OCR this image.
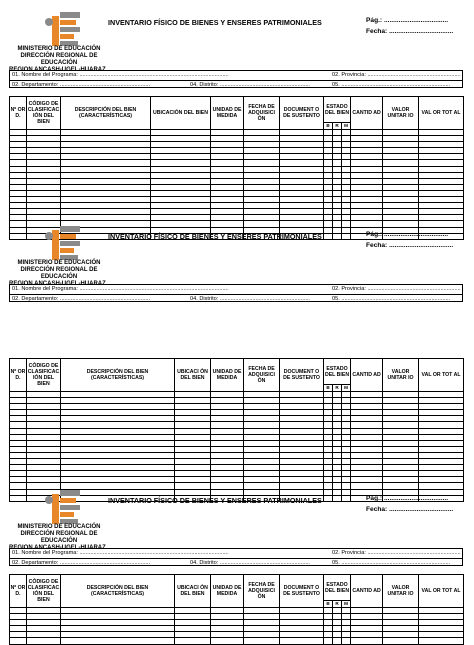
INVENTARIO FÍSICO DE BIENES Y ENSERES PATRIMONIALES	Pág.: ...................................
Fecha: ...................................
MINISTERIO DE EDUCACIÓN
DIRECCIÓN REGIONAL DE
EDUCACIÓN
REGION ANCASH-UGEL-HUARAZ
01. Nombre del Programa: ................................................................................................	02. Provincia: ............................................................
02. Departamento: ..........................................................	04. Distrito: ..........................................................	05. ......................................................................
Nº OR D.	CÓDIGO DE CLASIFICAC IÓN DEL BIEN	DESCRIPCIÓN DEL BIEN (CARACTERÍSTICAS)	UBICACIÓN DEL BIEN	UNIDAD DE MEDIDA	FECHA DE ADQUISICI ÓN	DOCUMENT O DE SUSTENTO	ESTADO DEL BIEN			CANTID AD	VALOR UNITAR IO	VAL OR TOT AL
							B	R	M			

INVENTARIO FÍSICO DE BIENES Y ENSERES PATRIMONIALES	Pág.: ...................................
Fecha: ...................................
MINISTERIO DE EDUCACIÓN
DIRECCIÓN REGIONAL DE
EDUCACIÓN
REGION ANCASH-UGEL-HUARAZ
01. Nombre del Programa: ................................................................................................	02. Provincia: ............................................................
02. Departamento: ..........................................................	04. Distrito: ..........................................................	05. ......................................................................
Nº OR D.	CÓDIGO DE CLASIFICAC IÓN DEL BIEN	DESCRIPCIÓN DEL BIEN (CARACTERÍSTICAS)	UBICACI ÓN DEL BIEN	UNIDAD DE MEDIDA	FECHA DE ADQUISICI ÓN	DOCUMENT O DE SUSTENTO	ESTADO DEL BIEN			CANTID AD	VALOR UNITAR IO	VAL OR TOT AL
							B	R	M			

INVENTARIO FÍSICO DE BIENES Y ENSERES PATRIMONIALES	Pág.: ...................................
Fecha: ...................................
MINISTERIO DE EDUCACIÓN
DIRECCIÓN REGIONAL DE
EDUCACIÓN
REGION ANCASH-UGEL-HUARAZ
01. Nombre del Programa: ................................................................................................	02. Provincia: ............................................................
02. Departamento: ..........................................................	04. Distrito: ..........................................................	05. ......................................................................
Nº OR D.	CÓDIGO DE CLASIFICAC IÓN DEL BIEN	DESCRIPCIÓN DEL BIEN (CARACTERÍSTICAS)	UBICACI ÓN DEL BIEN	UNIDAD DE MEDIDA	FECHA DE ADQUISICI ÓN	DOCUMENT O DE SUSTENTO	ESTADO DEL BIEN			CANTID AD	VALOR UNITAR IO	VAL OR TOT AL
							B	R	M			
